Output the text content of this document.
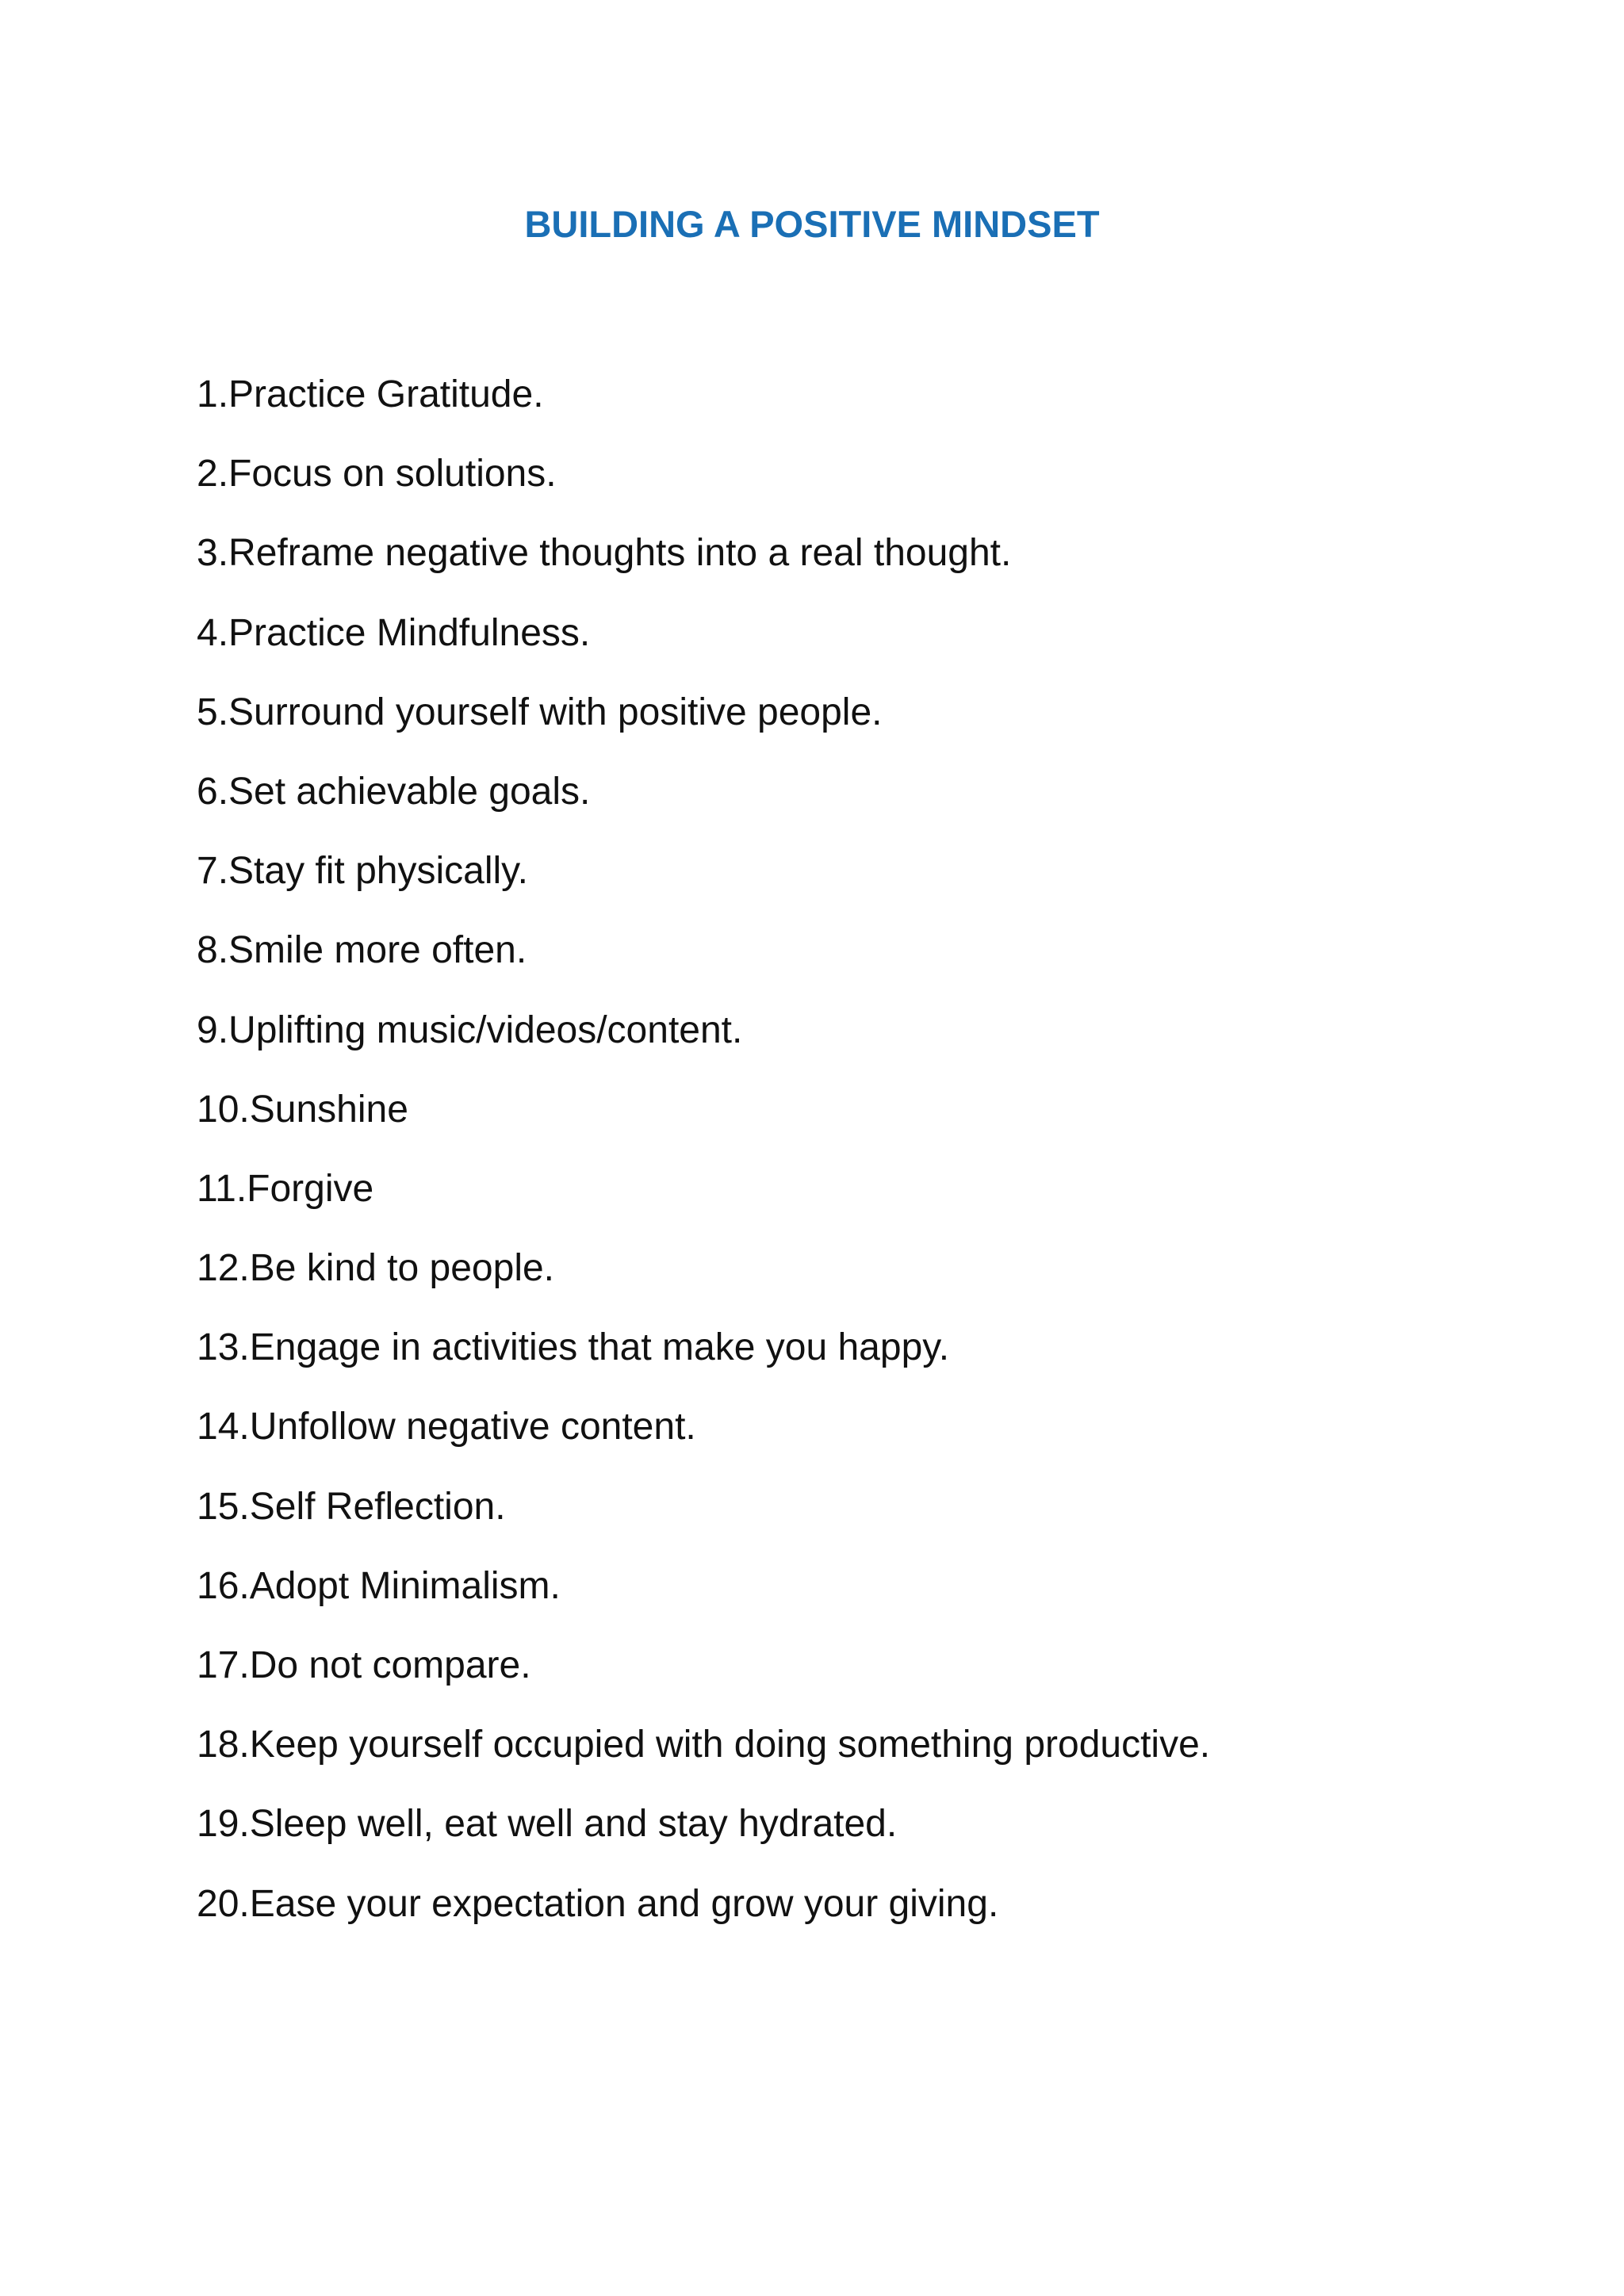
BUILDING A POSITIVE MINDSET
1.Practice Gratitude.
2.Focus on solutions.
3.Reframe negative thoughts into a real thought.
4.Practice Mindfulness.
5.Surround yourself with positive people.
6.Set achievable goals.
7.Stay fit physically.
8.Smile more often.
9.Uplifting music/videos/content.
10.Sunshine
11.Forgive
12.Be kind to people.
13.Engage in activities that make you happy.
14.Unfollow negative content.
15.Self Reflection.
16.Adopt Minimalism.
17.Do not compare.
18.Keep yourself occupied with doing something productive.
19.Sleep well, eat well and stay hydrated.
20.Ease your expectation and grow your giving.
